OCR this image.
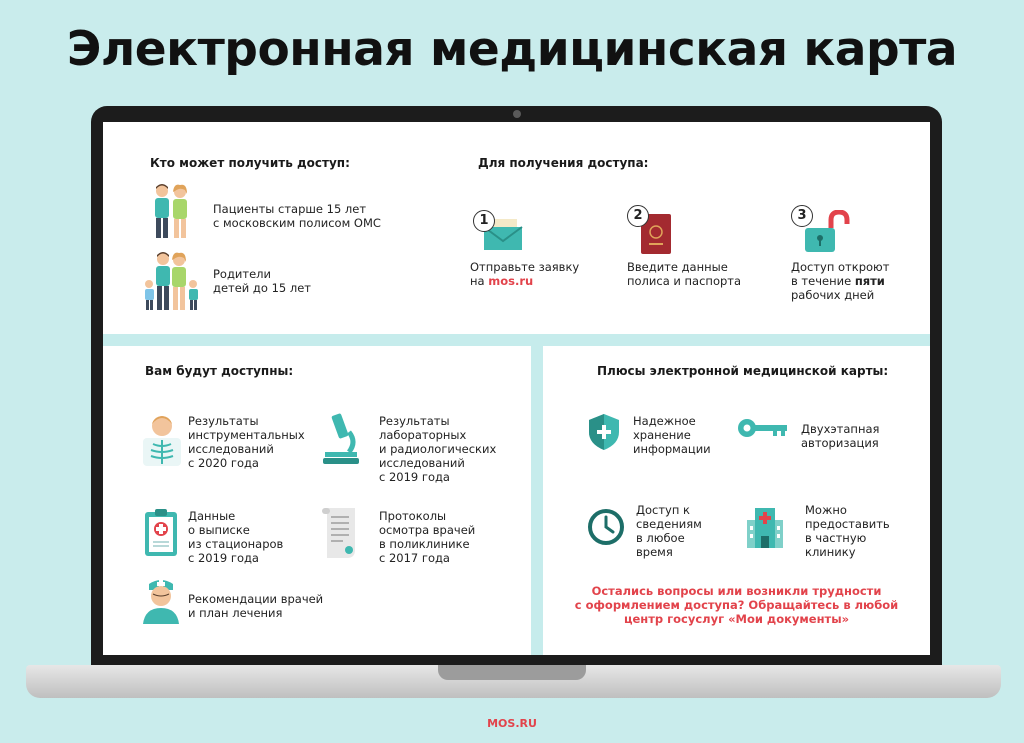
Электронная медицинская карта
Кто может получить доступ:
Пациенты старше 15 лет
с московским полисом ОМС
Родители
детей до 15 лет
Для получения доступа:
1
Отправьте заявку
на mos.ru
2
Введите данные
полиса и паспорта
3
Доступ откроют
в течение пяти
рабочих дней
Вам будут доступны:
Результаты
инструментальных
исследований
с 2020 года
Результаты
лабораторных
и радиологических
исследований
с 2019 года
Данные
о выписке
из стационаров
с 2019 года
Протоколы
осмотра врачей
в поликлинике
с 2017 года
Рекомендации врачей
и план лечения
Плюсы электронной медицинской карты:
Надежное
хранение
информации
Двухэтапная
авторизация
Доступ к
сведениям
в любое
время
Можно
предоставить
в частную
клинику
Остались вопросы или возникли трудности
с оформлением доступа? Обращайтесь в любой
центр госуслуг «Мои документы»
MOS.RU
